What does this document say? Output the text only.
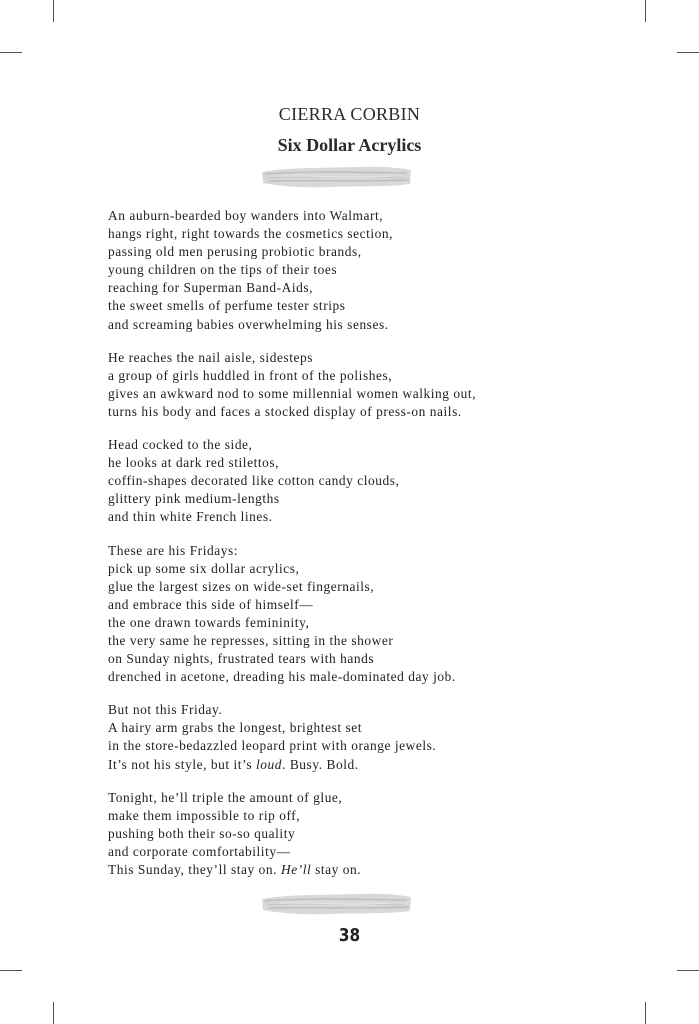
CIERRA CORBIN
Six Dollar Acrylics
An auburn-bearded boy wanders into Walmart,
hangs right, right towards the cosmetics section,
passing old men perusing probiotic brands,
young children on the tips of their toes
reaching for Superman Band-Aids,
the sweet smells of perfume tester strips
and screaming babies overwhelming his senses.
He reaches the nail aisle, sidesteps
a group of girls huddled in front of the polishes,
gives an awkward nod to some millennial women walking out,
turns his body and faces a stocked display of press-on nails.
Head cocked to the side,
he looks at dark red stilettos,
coffin-shapes decorated like cotton candy clouds,
glittery pink medium-lengths
and thin white French lines.
These are his Fridays:
pick up some six dollar acrylics,
glue the largest sizes on wide-set fingernails,
and embrace this side of himself—
the one drawn towards femininity,
the very same he represses, sitting in the shower
on Sunday nights, frustrated tears with hands
drenched in acetone, dreading his male-dominated day job.
But not this Friday.
A hairy arm grabs the longest, brightest set
in the store-bedazzled leopard print with orange jewels.
It’s not his style, but it’s loud. Busy. Bold.
Tonight, he’ll triple the amount of glue,
make them impossible to rip off,
pushing both their so-so quality
and corporate comfortability—
This Sunday, they’ll stay on. He’ll stay on.
38
